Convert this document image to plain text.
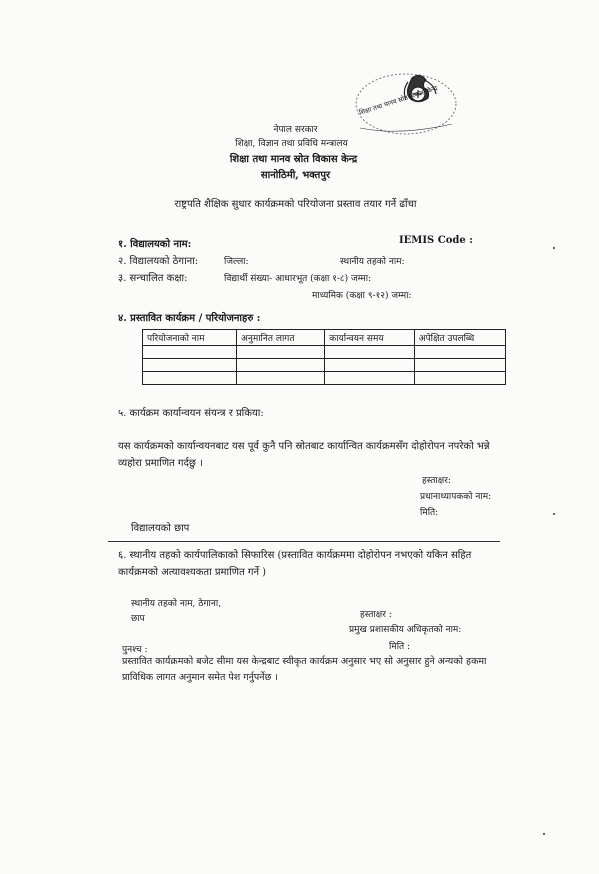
शिक्षा तथा मानव स्रोत विकास केन्द्र
नेपाल सरकार
शिक्षा, विज्ञान तथा प्रविधि मन्त्रालय
शिक्षा तथा मानव स्रोत विकास केन्द्र
सानोठिमी, भक्तपुर
राष्ट्रपति शैक्षिक सुधार कार्यक्रमको परियोजना प्रस्ताव तयार गर्ने ढाँचा
१. विद्यालयको नाम:	IEMIS Code :
२. विद्यालयको ठेगाना:	जिल्ला:	स्थानीय तहको नाम:
३. सन्चालित कक्षा:	विद्यार्थी संख्या- आधारभूत (कक्षा १-८) जम्मा:
माध्यमिक (कक्षा ९-१२) जम्मा:
४. प्रस्तावित कार्यक्रम / परियोजनाहरु :
परियोजनाको नाम	अनुमानित लागत	कार्यान्वयन समय	अपेक्षित उपलब्धि

५. कार्यक्रम कार्यान्वयन संयन्त्र र प्रकिया:
यस कार्यक्रमको कार्यान्वयनबाट यस पूर्व कुनै पनि स्रोतबाट कार्यान्वित कार्यक्रमसँग दोहोरोपन नपरेको भन्ने व्यहोरा प्रमाणित गर्दछु ।
हस्ताक्षर:
प्रधानाध्यापकको नाम:
मिति:
विद्यालयको छाप
६. स्थानीय तहको कार्यपालिकाको सिफारिस (प्रस्तावित कार्यक्रममा दोहोरोपन नभएको यकिन सहित कार्यक्रमको अत्यावश्यकता प्रमाणित गर्ने )
स्थानीय तहको नाम, ठेगाना,
छाप	हस्ताक्षर :
प्रमुख प्रशासकीय अधिकृतको नाम:
मिति :
पुनश्च :
प्रस्तावित कार्यक्रमको बजेट सीमा यस केन्द्रबाट स्वीकृत कार्यक्रम अनुसार भए सो अनुसार हुने अन्यको हकमा प्राविधिक लागत अनुमान समेत पेश गर्नुपर्नेछ ।
